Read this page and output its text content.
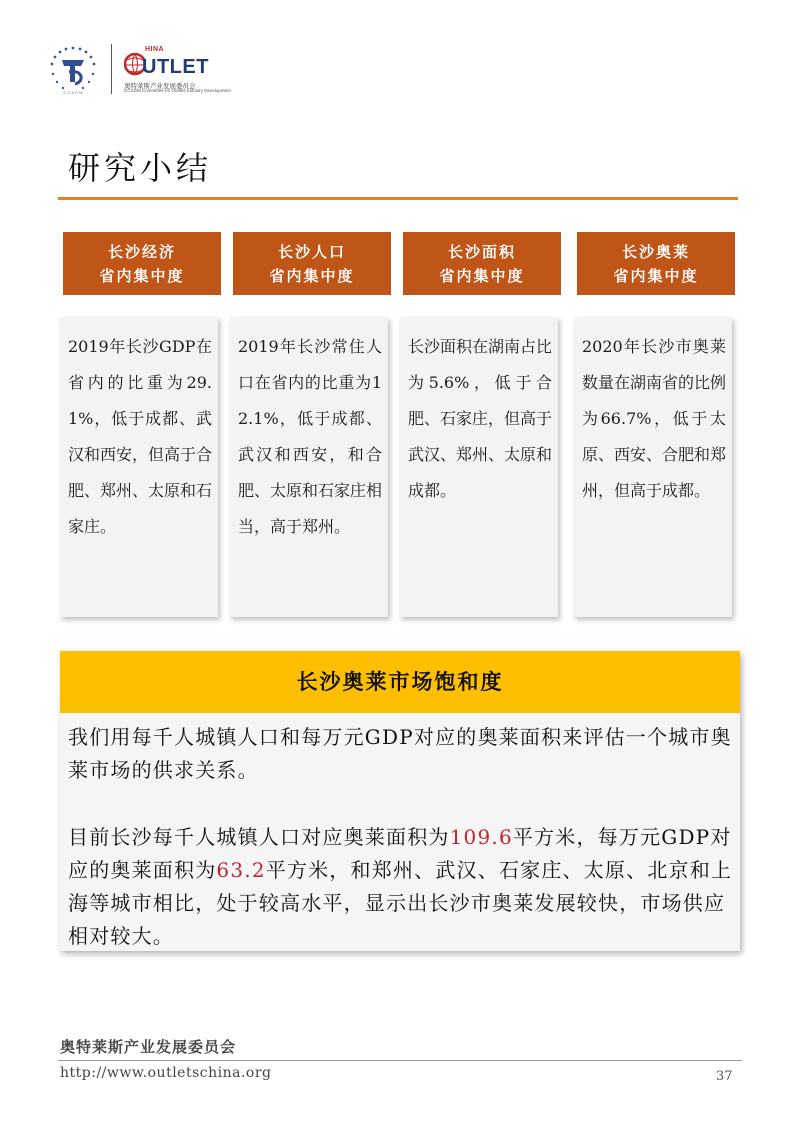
C C A G M
HINA
UTLET
奥特莱斯产业发展委员会
CCAGM Committee for Outlets Industry Development
研究小结
长沙经济
省内集中度
2019年长沙GDP在省内的比重为29.1%，低于成都、武汉和西安，但高于合肥、郑州、太原和石家庄。
长沙人口
省内集中度
2019年长沙常住人口在省内的比重为12.1%，低于成都、武汉和西安，和合肥、太原和石家庄相当，高于郑州。
长沙面积
省内集中度
长沙面积在湖南占比为5.6%，低于合肥、石家庄，但高于武汉、郑州、太原和成都。
长沙奥莱
省内集中度
2020年长沙市奥莱数量在湖南省的比例为66.7%，低于太原、西安、合肥和郑州，但高于成都。
长沙奥莱市场饱和度

我们用每千人城镇人口和每万元GDP对应的奥莱面积来评估一个城市奥莱市场的供求关系。

目前长沙每千人城镇人口对应奥莱面积为109.6平方米，每万元GDP对应的奥莱面积为63.2平方米，和郑州、武汉、石家庄、太原、北京和上海等城市相比，处于较高水平，显示出长沙市奥莱发展较快，市场供应相对较大。

奥特莱斯产业发展委员会
http://www.outletschina.org	37
